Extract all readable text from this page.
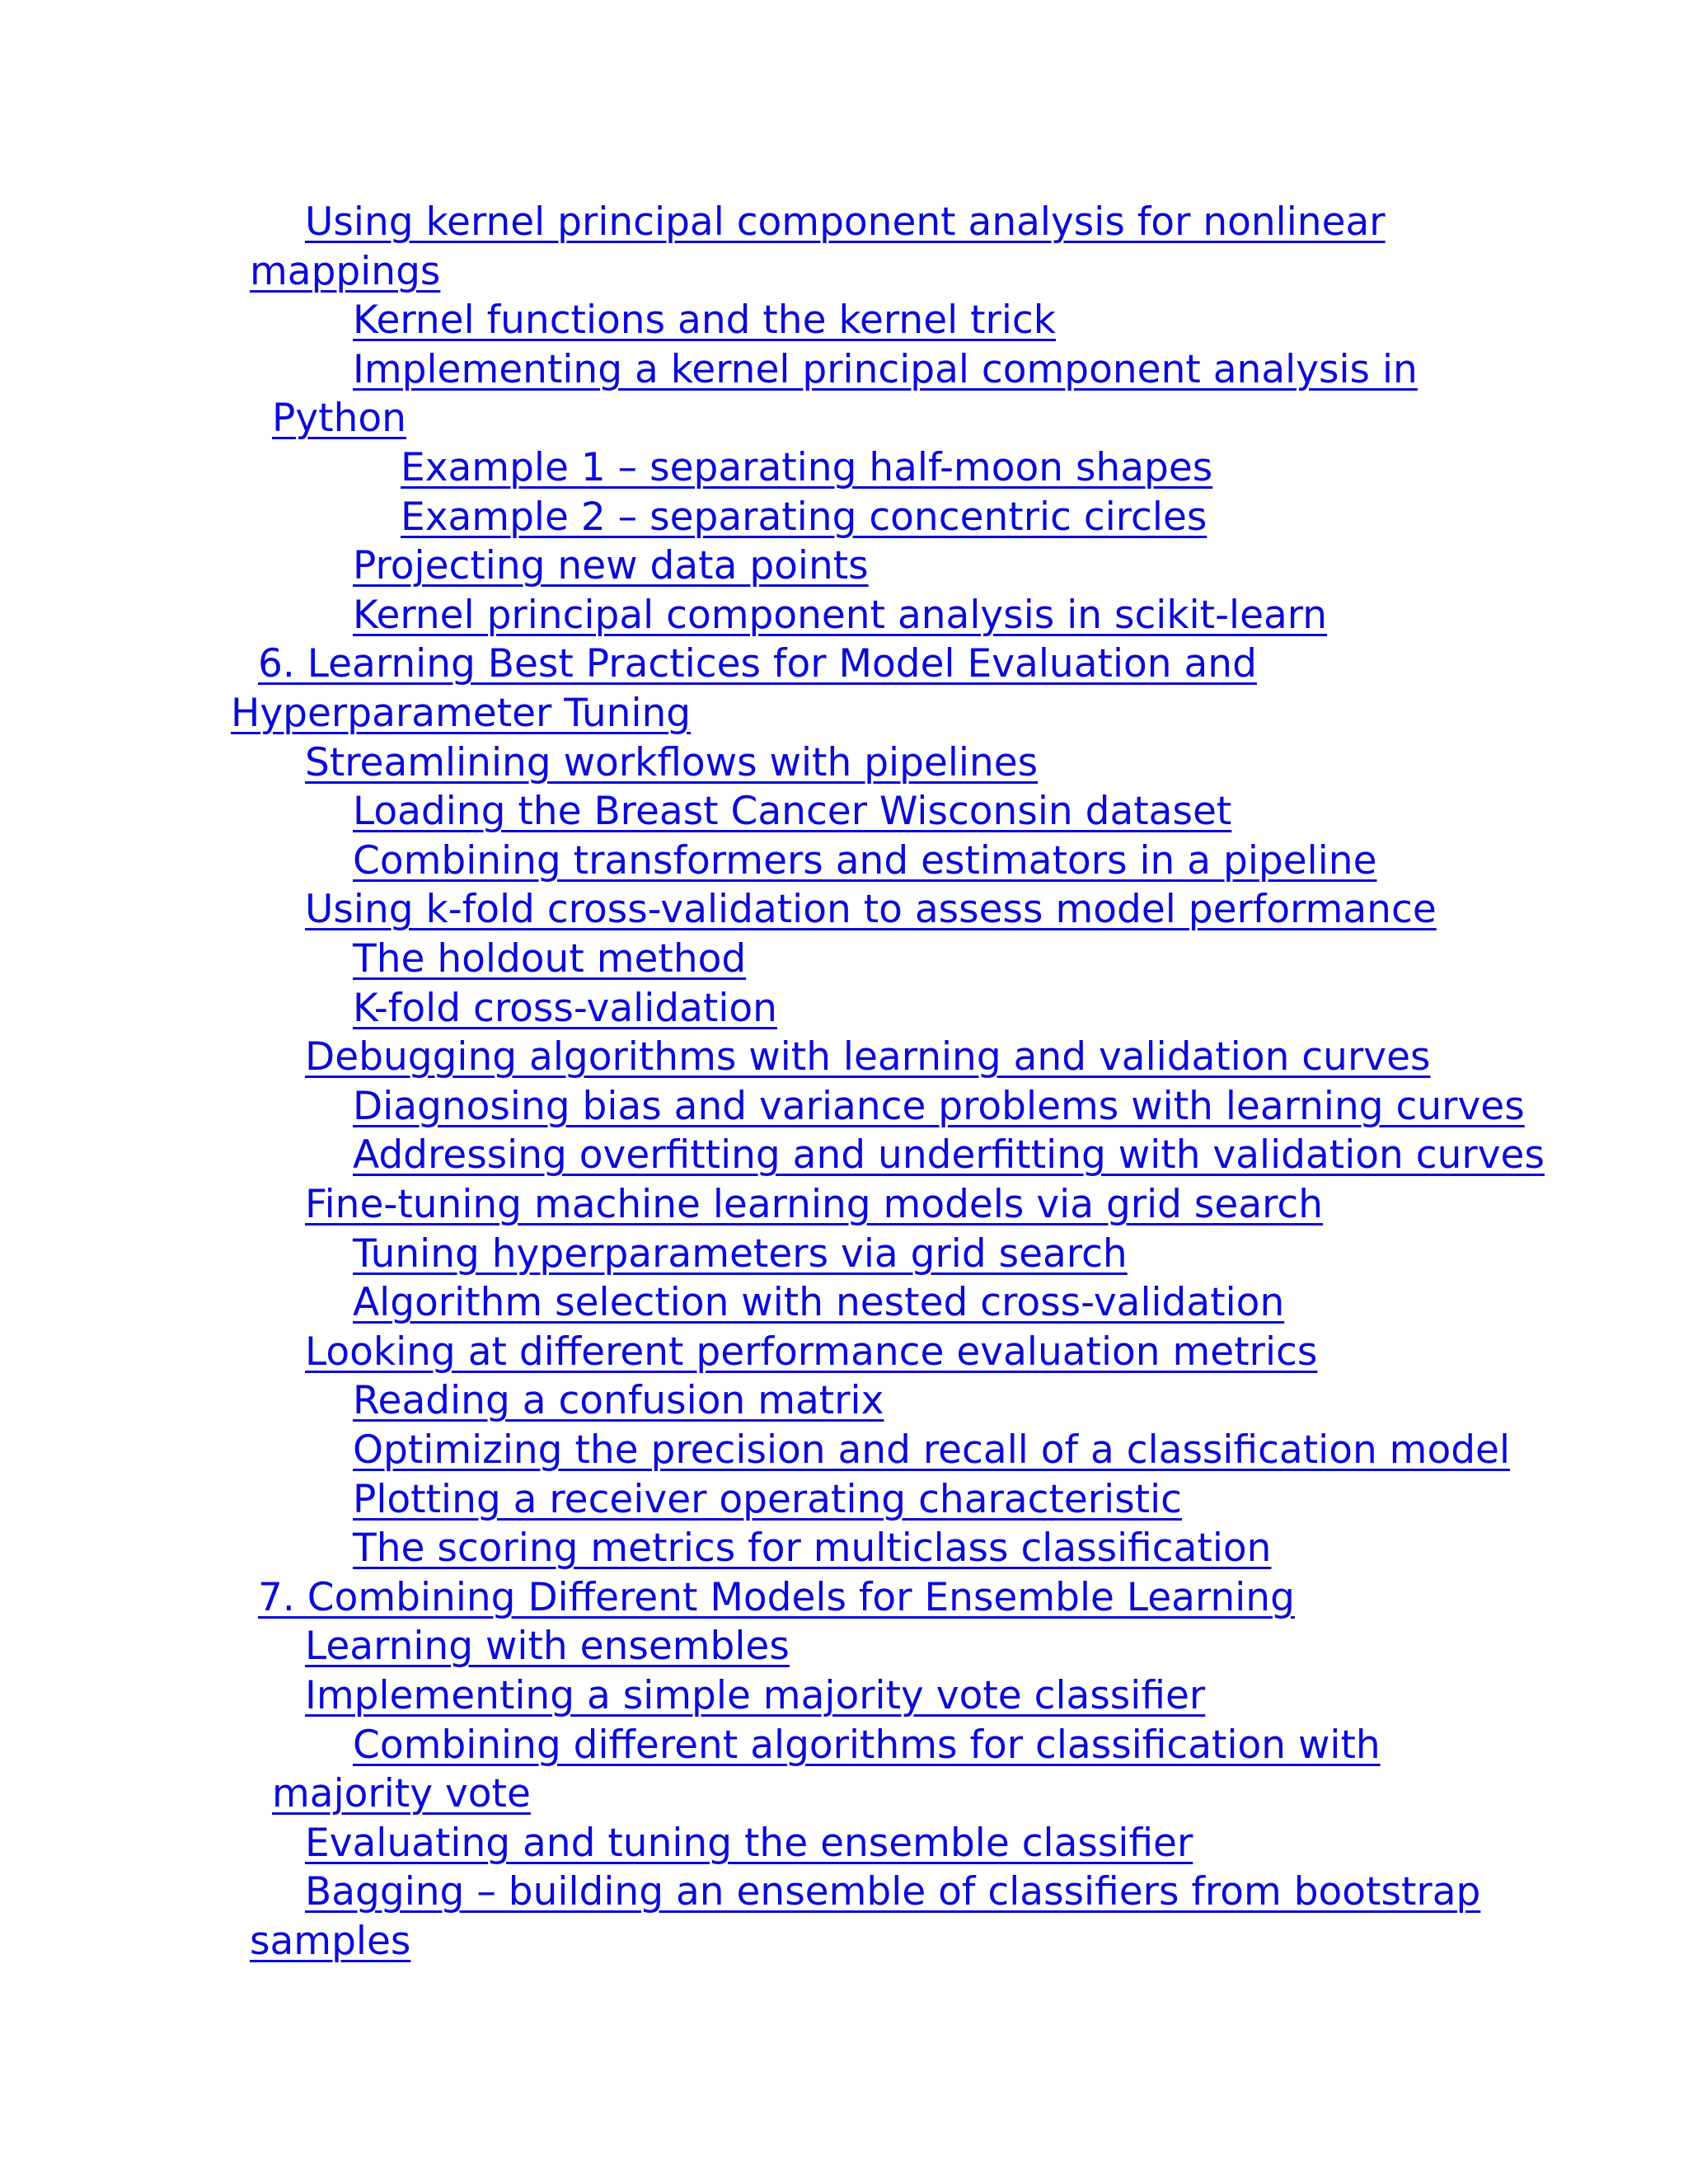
Using kernel principal component analysis for nonlinear
mappings
Kernel functions and the kernel trick
Implementing a kernel principal component analysis in
Python
Example 1 – separating half-moon shapes
Example 2 – separating concentric circles
Projecting new data points
Kernel principal component analysis in scikit-learn
6. Learning Best Practices for Model Evaluation and
Hyperparameter Tuning
Streamlining workflows with pipelines
Loading the Breast Cancer Wisconsin dataset
Combining transformers and estimators in a pipeline
Using k-fold cross-validation to assess model performance
The holdout method
K-fold cross-validation
Debugging algorithms with learning and validation curves
Diagnosing bias and variance problems with learning curves
Addressing overfitting and underfitting with validation curves
Fine-tuning machine learning models via grid search
Tuning hyperparameters via grid search
Algorithm selection with nested cross-validation
Looking at different performance evaluation metrics
Reading a confusion matrix
Optimizing the precision and recall of a classification model
Plotting a receiver operating characteristic
The scoring metrics for multiclass classification
7. Combining Different Models for Ensemble Learning
Learning with ensembles
Implementing a simple majority vote classifier
Combining different algorithms for classification with
majority vote
Evaluating and tuning the ensemble classifier
Bagging – building an ensemble of classifiers from bootstrap
samples
